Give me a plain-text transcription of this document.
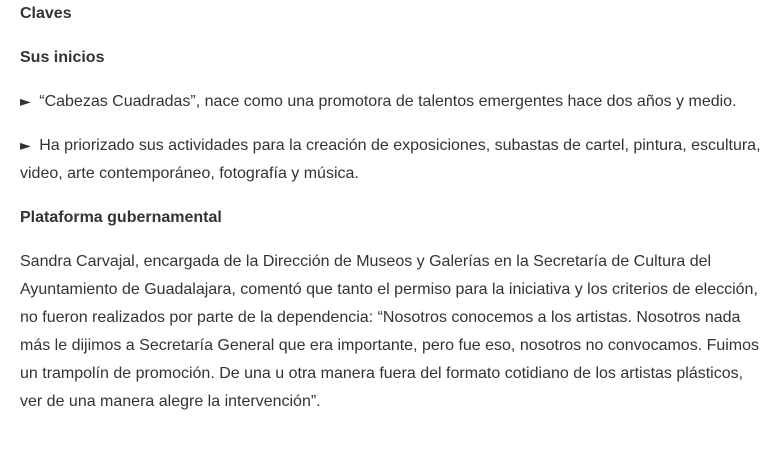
Claves
Sus inicios

► “Cabezas Cuadradas”, nace como una promotora de talentos emergentes hace dos años y medio.

► Ha priorizado sus actividades para la creación de exposiciones, subastas de cartel, pintura, escultura, video, arte contemporáneo, fotografía y música.

Plataforma gubernamental

Sandra Carvajal, encargada de la Dirección de Museos y Galerías en la Secretaría de Cultura del Ayuntamiento de Guadalajara, comentó que tanto el permiso para la iniciativa y los criterios de elección, no fueron realizados por parte de la dependencia: “Nosotros conocemos a los artistas. Nosotros nada más le dijimos a Secretaría General que era importante, pero fue eso, nosotros no convocamos. Fuimos un trampolín de promoción. De una u otra manera fuera del formato cotidiano de los artistas plásticos, ver de una manera alegre la intervención”.
